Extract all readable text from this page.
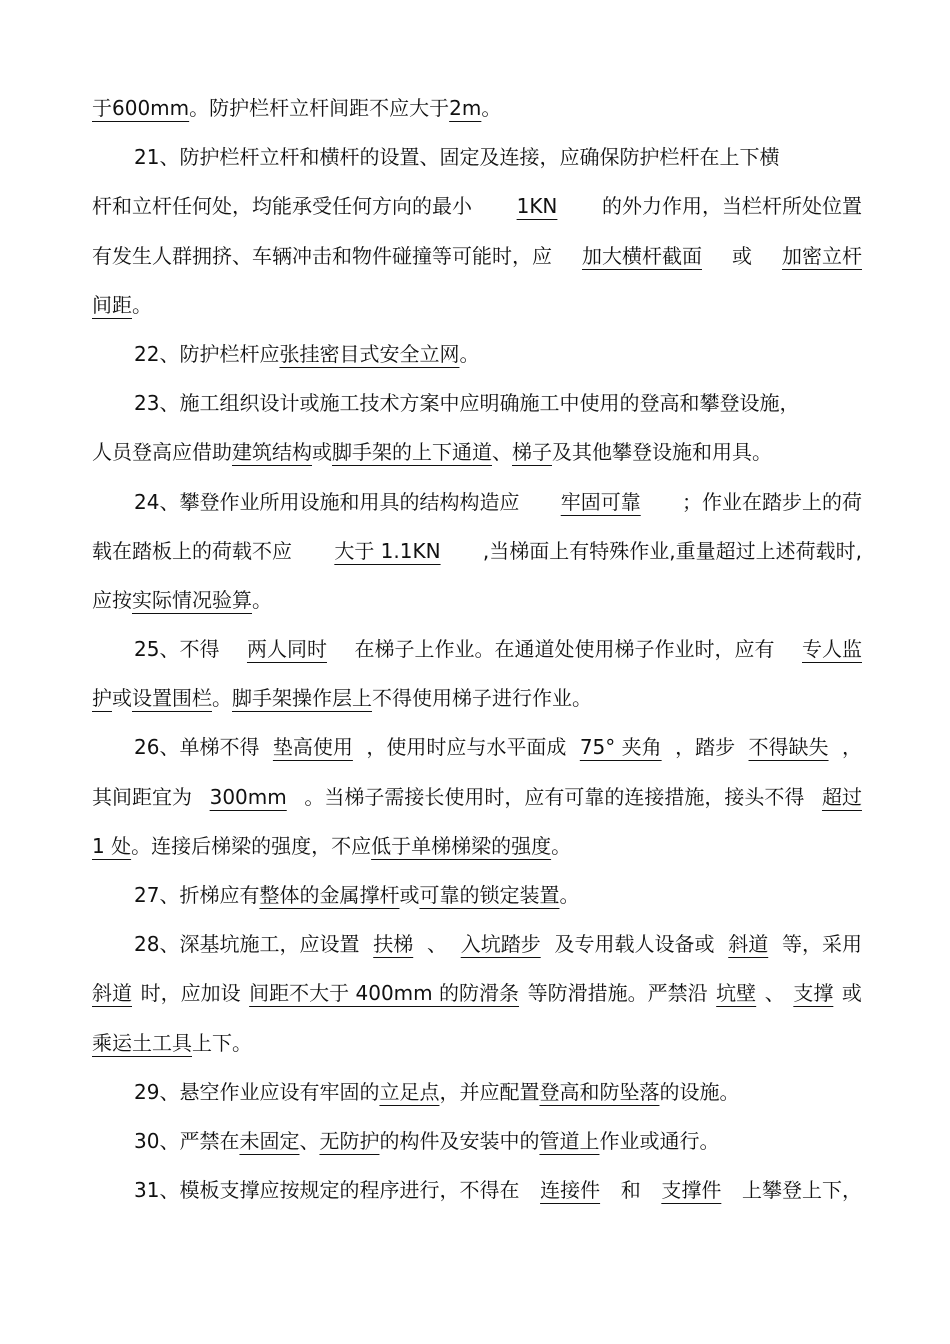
于 600mm 。防护栏杆立杆间距不应大于 2m 。
21、防护栏杆立杆和横杆的设置、固定及连接，应确保防护栏杆在上下横
杆和立杆任何处，均能承受任何方向的最小 1KN 的外力作用，当栏杆所处位置
有发生人群拥挤、车辆冲击和物件碰撞等可能时，应 加大横杆截面 或 加密立杆
间距 。
22、防护栏杆应 张挂密目式安全立网 。
23、施工组织设计或施工技术方案中应明确施工中使用的登高和攀登设施，
人员登高应借助 建筑结构 或 脚手架的上下通道 、 梯子 及其他攀登设施和用具。
24、攀登作业所用设施和用具的结构构造应 牢固可靠 ；作业在踏步上的荷
载在踏板上的荷载不应 大于 1.1KN ,当梯面上有特殊作业,重量超过上述荷载时,
应按 实际情况验算 。
25、不得 两人同时 在梯子上作业。在通道处使用梯子作业时，应有 专人监
护 或 设置围栏 。 脚手架操作层上 不得使用梯子进行作业。
26、单梯不得 垫高使用 ，使用时应与水平面成 75° 夹角 ，踏步 不得缺失 ，
其间距宜为 300mm 。当梯子需接长使用时，应有可靠的连接措施，接头不得 超过
1 处 。连接后梯梁的强度，不应 低于单梯梯梁的强度 。
27、折梯应有 整体的金属撑杆 或 可靠的锁定装置 。
28、深基坑施工，应设置 扶梯 、 入坑踏步 及专用载人设备或 斜道 等，采用
斜道 时，应加设 间距不大于 400mm 的防滑条 等防滑措施。严禁沿 坑壁 、 支撑 或
乘运土工具 上下。
29、悬空作业应设有牢固的 立足点 ，并应配置 登高和防坠落 的设施。
30、严禁在 未固定 、 无防护 的构件及安装中的 管道上 作业或通行。
31、模板支撑应按规定的程序进行，不得在 连接件 和 支撑件 上攀登上下，
